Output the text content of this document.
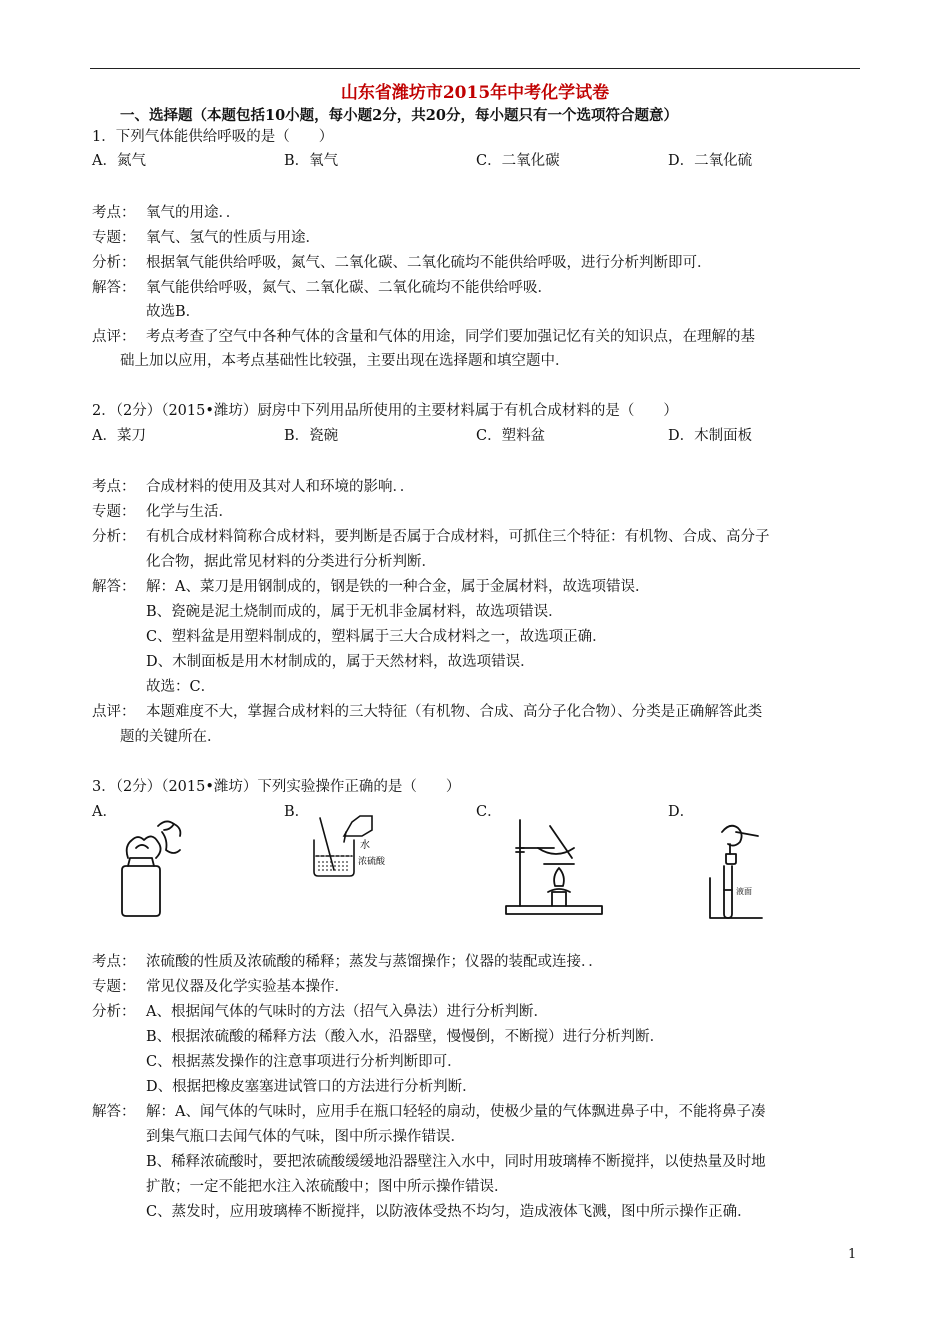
山东省潍坊市2015年中考化学试卷
一、选择题（本题包括10小题，每小题2分，共20分，每小题只有一个选项符合题意）
1．下列气体能供给呼吸的是（　　）
A．氮气	B．氧气	C．二氧化碳	D．二氧化硫
考点： 氧气的用途．．
专题： 氧气、氢气的性质与用途．
分析： 根据氧气能供给呼吸，氮气、二氧化碳、二氧化硫均不能供给呼吸，进行分析判断即可．
解答： 氧气能供给呼吸，氮气、二氧化碳、二氧化硫均不能供给呼吸．
故选B．
点评： 考点考查了空气中各种气体的含量和气体的用途，同学们要加强记忆有关的知识点，在理解的基
础上加以应用，本考点基础性比较强，主要出现在选择题和填空题中．
2．（2分）（2015•潍坊）厨房中下列用品所使用的主要材料属于有机合成材料的是（　　）
A．菜刀	B．瓷碗	C．塑料盆	D．木制面板
考点： 合成材料的使用及其对人和环境的影响．．
专题： 化学与生活．
分析： 有机合成材料简称合成材料，要判断是否属于合成材料，可抓住三个特征：有机物、合成、高分子
化合物，据此常见材料的分类进行分析判断．
解答： 解：A、菜刀是用钢制成的，钢是铁的一种合金，属于金属材料，故选项错误．
B、瓷碗是泥土烧制而成的，属于无机非金属材料，故选项错误．
C、塑料盆是用塑料制成的，塑料属于三大合成材料之一，故选项正确．
D、木制面板是用木材制成的，属于天然材料，故选项错误．
故选：C．
点评： 本题难度不大，掌握合成材料的三大特征（有机物、合成、高分子化合物）、分类是正确解答此类
题的关键所在．
3．（2分）（2015•潍坊）下列实验操作正确的是（　　）
A．	B．	C．	D．
水
浓硫酸
液面
考点： 浓硫酸的性质及浓硫酸的稀释；蒸发与蒸馏操作；仪器的装配或连接．．
专题： 常见仪器及化学实验基本操作．
分析： A、根据闻气体的气味时的方法（招气入鼻法）进行分析判断．
B、根据浓硫酸的稀释方法（酸入水，沿器壁，慢慢倒，不断搅）进行分析判断．
C、根据蒸发操作的注意事项进行分析判断即可．
D、根据把橡皮塞塞进试管口的方法进行分析判断．
解答： 解：A、闻气体的气味时，应用手在瓶口轻轻的扇动，使极少量的气体飘进鼻子中，不能将鼻子凑
到集气瓶口去闻气体的气味，图中所示操作错误．
B、稀释浓硫酸时，要把浓硫酸缓缓地沿器壁注入水中，同时用玻璃棒不断搅拌，以使热量及时地
扩散；一定不能把水注入浓硫酸中；图中所示操作错误．
C、蒸发时，应用玻璃棒不断搅拌，以防液体受热不均匀，造成液体飞溅，图中所示操作正确．
1
